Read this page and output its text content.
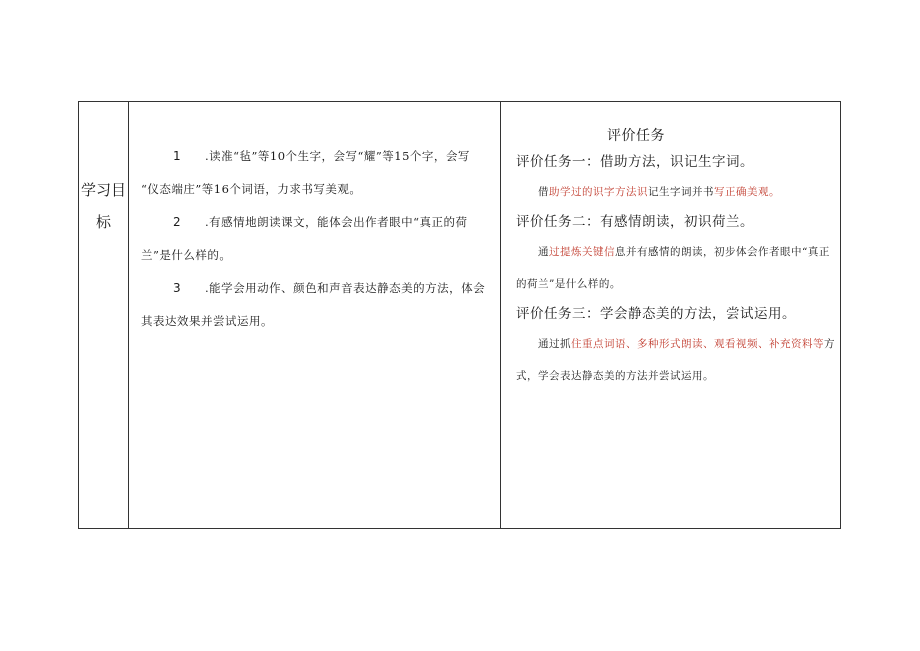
学习目
标

1 .读准“毡”等10个生字，会写“耀”等15个字，会写

“仪态端庄”等16个词语，力求书写美观。

2 .有感情地朗读课文，能体会出作者眼中“真正的荷

兰”是什么样的。

3 .能学会用动作、颜色和声音表达静态美的方法，体会

其表达效果并尝试运用。

评价任务

评价任务一：借助方法，识记生字词。

借助学过的识字方法识记生字词并书写正确美观。

评价任务二：有感情朗读，初识荷兰。

通过提炼关键信息并有感情的朗读，初步体会作者眼中“真正

的荷兰”是什么样的。

评价任务三：学会静态美的方法，尝试运用。

通过抓住重点词语、多种形式朗读、观看视频、补充资料等方

式，学会表达静态美的方法并尝试运用。
